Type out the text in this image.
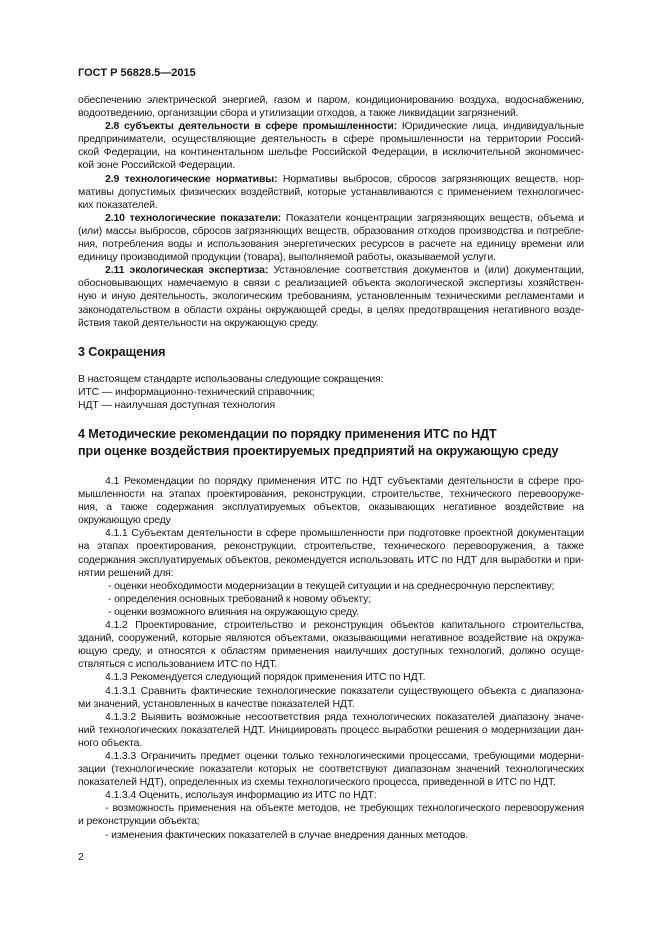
ГОСТ Р 56828.5—2015
обеспечению электрической энергией, газом и паром, кондиционированию воздуха, водоснабжению,
водоотведению, организации сбора и утилизации отходов, а также ликвидации загрязнений.
2.8 субъекты деятельности в сфере промышленности: Юридические лица, индивидуальные
предприниматели, осуществляющие деятельность в сфере промышленности на территории Россий-
ской Федерации, на континентальном шельфе Российской Федерации, в исключительной экономичес-
кой зоне Российской Федерации.
2.9 технологические нормативы: Нормативы выбросов, сбросов загрязняющих веществ, нор-
мативы допустимых физических воздействий, которые устанавливаются с применением технологичес-
ких показателей.
2.10 технологические показатели: Показатели концентрации загрязняющих веществ, объема и
(или) массы выбросов, сбросов загрязняющих веществ, образования отходов производства и потребле-
ния, потребления воды и использования энергетических ресурсов в расчете на единицу времени или
единицу производимой продукции (товара), выполняемой работы, оказываемой услуги.
2.11 экологическая экспертиза: Установление соответствия документов и (или) документации,
обосновывающих намечаемую в связи с реализацией объекта экологической экспертизы хозяйствен-
ную и иную деятельность, экологическим требованиям, установленным техническими регламентами и
законодательством в области охраны окружающей среды, в целях предотвращения негативного возде-
йствия такой деятельности на окружающую среду.
3 Сокращения
В настоящем стандарте использованы следующие сокращения:
ИТС — информационно-технический справочник;
НДТ — наилучшая доступная технология
4 Методические рекомендации по порядку применения ИТС по НДТ
при оценке воздействия проектируемых предприятий на окружающую среду
4.1 Рекомендации по порядку применения ИТС по НДТ субъектами деятельности в сфере про-
мышленности на этапах проектирования, реконструкции, строительстве, технического перевооруже-
ния, а также содержания эксплуатируемых объектов, оказывающих негативное воздействие на
окружающую среду
4.1.1 Субъектам деятельности в сфере промышленности при подготовке проектной документации
на этапах проектирования, реконструкции, строительстве, технического перевооружения, а также
содержания эксплуатируемых объектов, рекомендуется использовать ИТС по НДТ для выработки и при-
нятии решений для:
- оценки необходимости модернизации в текущей ситуации и на среднесрочную перспективу;
- определения основных требований к новому объекту;
- оценки возможного влияния на окружающую среду.
4.1.2 Проектирование, строительство и реконструкция объектов капитального строительства,
зданий, сооружений, которые являются объектами, оказывающими негативное воздействие на окружа-
ющую среду, и относятся к областям применения наилучших доступных технологий, должно осуще-
ствляться с использованием ИТС по НДТ.
4.1.3 Рекомендуется следующий порядок применения ИТС по НДТ.
4.1.3.1 Сравнить фактические технологические показатели существующего объекта с диапазона-
ми значений, установленных в качестве показателей НДТ.
4.1.3.2 Выявить возможные несоответствия ряда технологических показателей диапазону значе-
ний технологических показателей НДТ. Инициировать процесс выработки решения о модернизации дан-
ного объекта.
4.1.3.3 Ограничить предмет оценки только технологическими процессами, требующими модерни-
зации (технологические показатели которых не соответствуют диапазонам значений технологических
показателей НДТ), определенных из схемы технологического процесса, приведенной в ИТС по НДТ.
4.1.3.4 Оценить, используя информацию из ИТС по НДТ:
- возможность применения на объекте методов, не требующих технологического перевооружения
и реконструкции объекта;
- изменения фактических показателей в случае внедрения данных методов.
2
